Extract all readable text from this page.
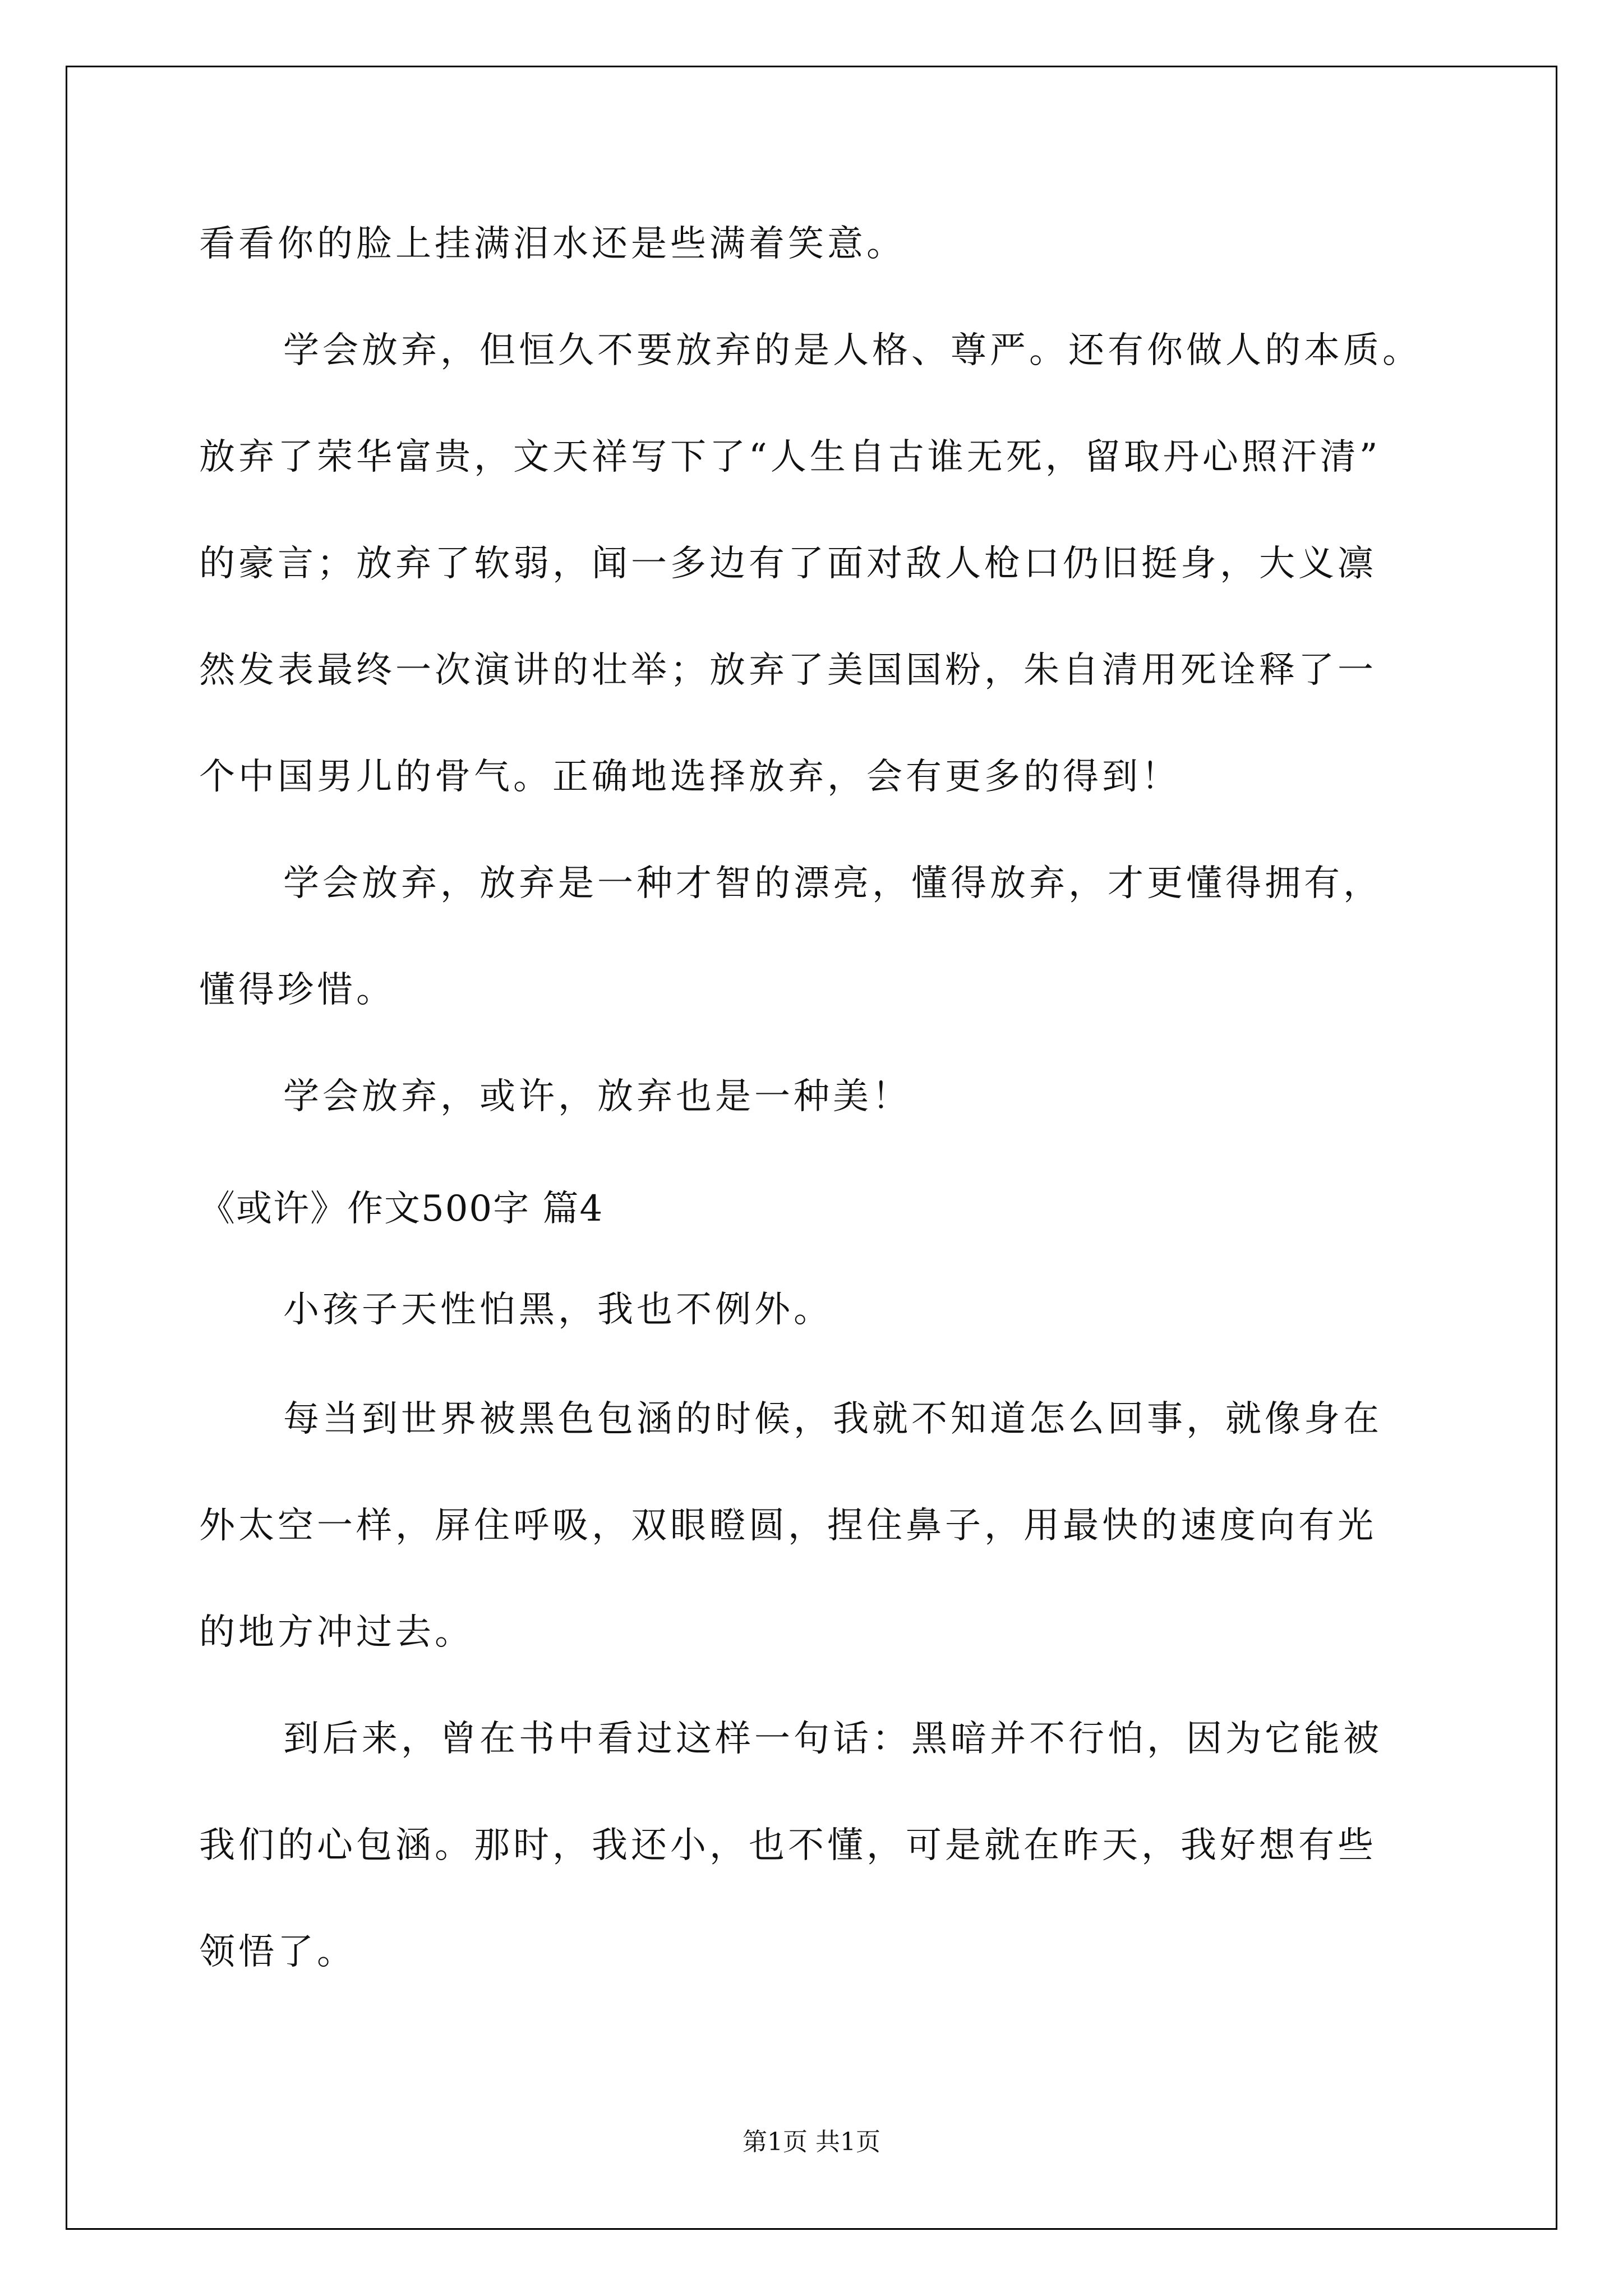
看看你的脸上挂满泪水还是些满着笑意。

学会放弃，但恒久不要放弃的是人格、尊严。还有你做人的本质。

放弃了荣华富贵，文天祥写下了“人生自古谁无死，留取丹心照汗清”

的豪言；放弃了软弱，闻一多边有了面对敌人枪口仍旧挺身，大义凛

然发表最终一次演讲的壮举；放弃了美国国粉，朱自清用死诠释了一

个中国男儿的骨气。正确地选择放弃，会有更多的得到！

学会放弃，放弃是一种才智的漂亮，懂得放弃，才更懂得拥有，

懂得珍惜。

学会放弃，或许，放弃也是一种美！

《或许》作文500字 篇4

小孩子天性怕黑，我也不例外。

每当到世界被黑色包涵的时候，我就不知道怎么回事，就像身在

外太空一样，屏住呼吸，双眼瞪圆，捏住鼻子，用最快的速度向有光

的地方冲过去。

到后来，曾在书中看过这样一句话：黑暗并不行怕，因为它能被

我们的心包涵。那时，我还小，也不懂，可是就在昨天，我好想有些

领悟了。

第1页 共1页
